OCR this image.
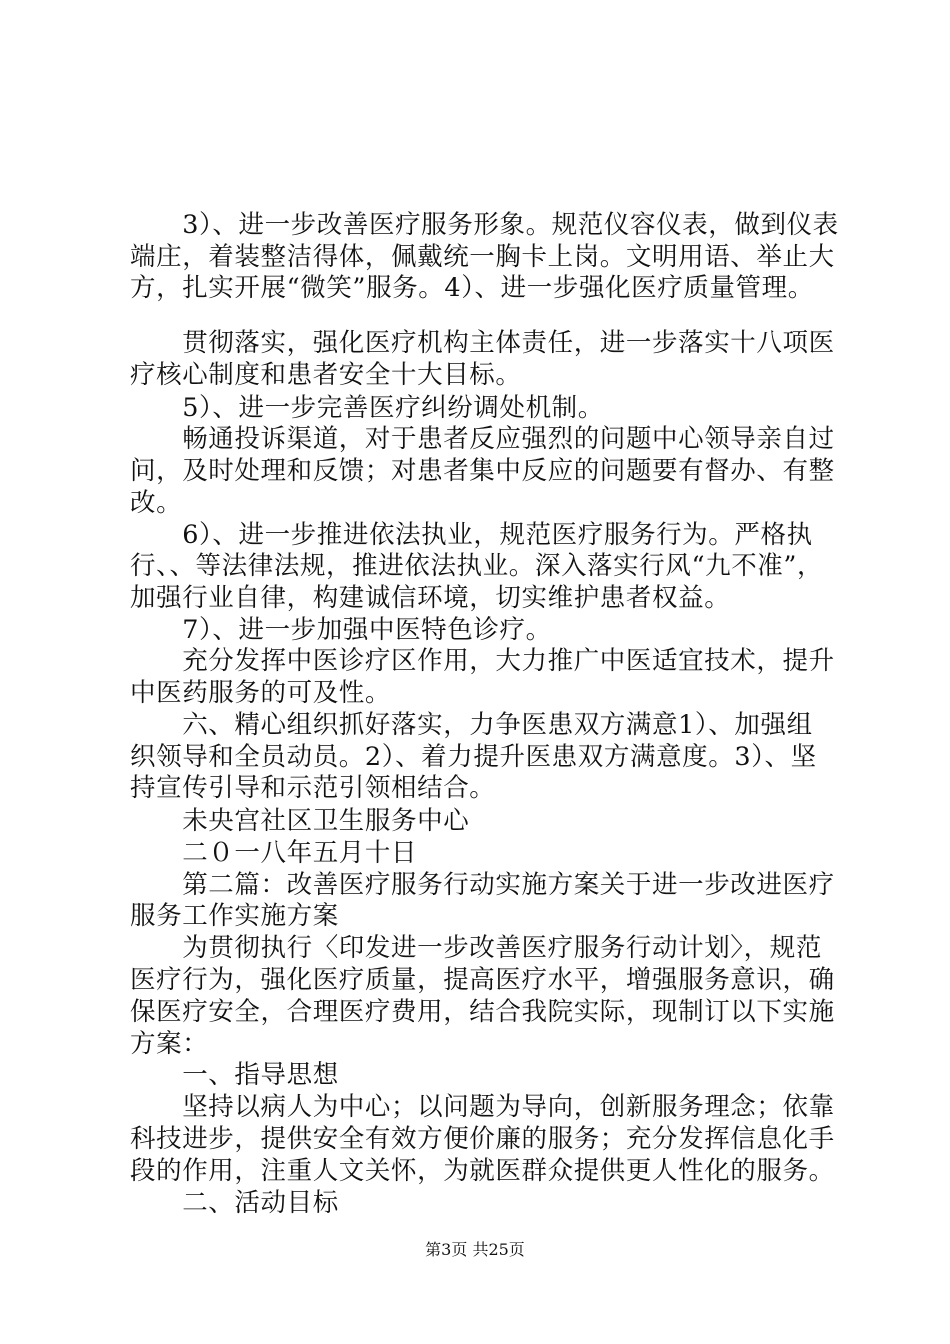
　　3）、进一步改善医疗服务形象。规范仪容仪表，做到仪表
端庄，着装整洁得体，佩戴统一胸卡上岗。文明用语、举止大
方，扎实开展“微笑”服务。4）、进一步强化医疗质量管理。
　　贯彻落实，强化医疗机构主体责任，进一步落实十八项医
疗核心制度和患者安全十大目标。
　　5）、进一步完善医疗纠纷调处机制。
　　畅通投诉渠道，对于患者反应强烈的问题中心领导亲自过
问，及时处理和反馈；对患者集中反应的问题要有督办、有整
改。
　　6）、进一步推进依法执业，规范医疗服务行为。严格执
行、、等法律法规，推进依法执业。深入落实行风“九不准”，
加强行业自律，构建诚信环境，切实维护患者权益。
　　7）、进一步加强中医特色诊疗。
　　充分发挥中医诊疗区作用，大力推广中医适宜技术，提升
中医药服务的可及性。
　　六、精心组织抓好落实，力争医患双方满意1）、加强组
织领导和全员动员。2）、着力提升医患双方满意度。3）、坚
持宣传引导和示范引领相结合。
　　未央宫社区卫生服务中心
　　二０一八年五月十日
　　第二篇：改善医疗服务行动实施方案关于进一步改进医疗
服务工作实施方案
　　为贯彻执行〈印发进一步改善医疗服务行动计划〉，规范
医疗行为，强化医疗质量，提高医疗水平，增强服务意识，确
保医疗安全，合理医疗费用，结合我院实际，现制订以下实施
方案：
　　一、指导思想
　　坚持以病人为中心；以问题为导向，创新服务理念；依靠
科技进步，提供安全有效方便价廉的服务；充分发挥信息化手
段的作用，注重人文关怀，为就医群众提供更人性化的服务。
　　二、活动目标
第3页 共25页
